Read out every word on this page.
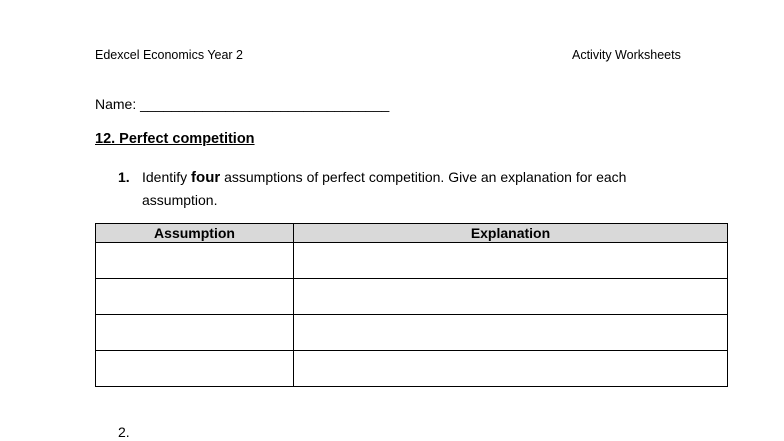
Edexcel Economics Year 2	Activity Worksheets
Name: ________________________________
12. Perfect competition
1. Identify four assumptions of perfect competition. Give an explanation for each assumption.
Assumption	Explanation

2.
